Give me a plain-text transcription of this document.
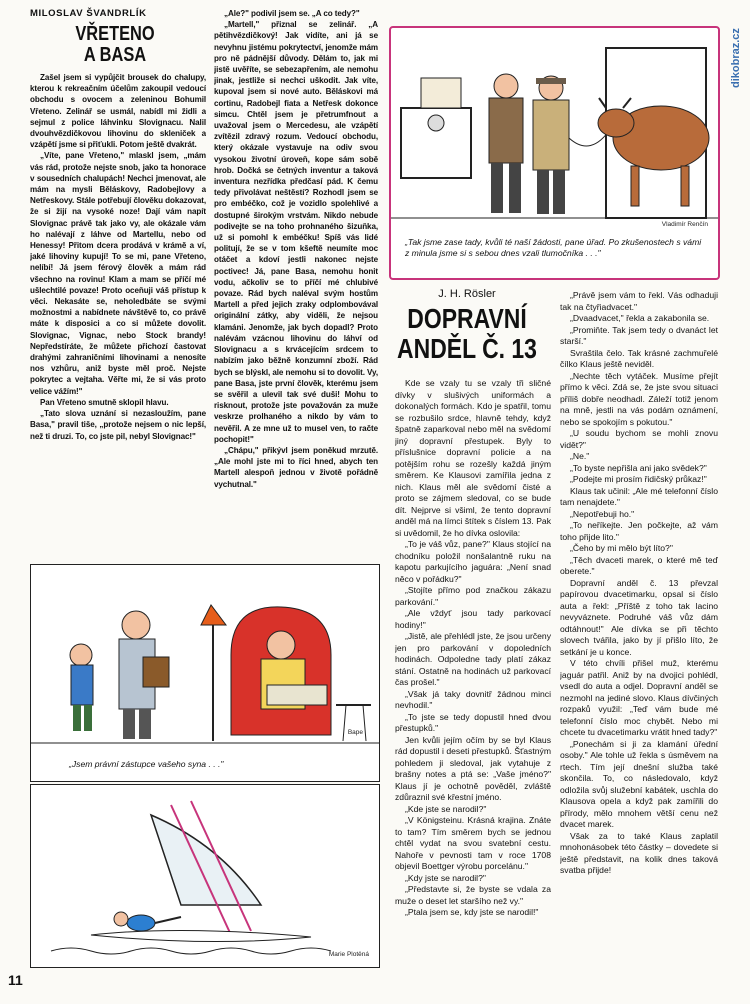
dikobraz.cz
MILOSLAV ŠVANDRLÍK
VŘETENO
A BASA

Zašel jsem si vypůjčit brousek do chalupy, kterou k rekreačním účelům zakoupil vedoucí obchodu s ovocem a zeleninou Bohumil Vřeteno. Zelinář se usmál, nabídl mi židli a sejmul z police láhvinku Slovignacu. Nalil dvouhvězdičkovou lihovinu do skleniček a vzápětí jsme si přiťukli. Potom ještě dvakrát.

„Víte, pane Vřeteno," mlaskl jsem, „mám vás rád, protože nejste snob, jako ta honorace v sousedních chalupách! Nechci jmenovat, ale mám na mysli Běláskovy, Radobejlovy a Netřeskovy. Stále potřebují člověku dokazovat, že si žijí na vysoké noze! Dají vám napít Slovignac právě tak jako vy, ale okázale vám ho nalévají z láhve od Martellu, nebo od Henessy! Přitom dcera prodává v krámě a ví, jaké lihoviny kupují! To se mi, pane Vřeteno, nelíbí! Já jsem férový člověk a mám rád všechno na rovinu! Klam a mam se příčí mé ušlechtilé povaze! Proto oceňuji váš přístup k věci. Nekasáte se, neholedbáte se svými možnostmi a nabídnete návštěvě to, co právě máte k disposici a co si můžete dovolit. Slovignac, Vignac, nebo Stock brandy! Nepředstíráte, že můžete přichozí častovat drahými zahraničními lihovinami a nenosíte nos vzhůru, aniž byste měl proč. Nejste pokrytec a vejtaha. Věřte mi, že si vás proto velice vážím!"

Pan Vřeteno smutně sklopil hlavu.

„Tato slova uznání si nezasloužím, pane Basa," pravil tiše, „protože nejsem o nic lepší, než ti druzi. To, co jste pil, nebyl Slovignac!"

„Ale?" podivil jsem se. „A co tedy?"

„Martell," přiznal se zelinář. „A pětihvězdičkový! Jak vidíte, ani já se nevyhnu jistému pokrytectví, jenomže mám pro ně pádnější důvody. Dělám to, jak mi jistě uvěříte, se sebezapřením, ale nemohu jinak, jestliže si nechci uškodit. Jak víte, kupoval jsem si nové auto. Běláskovi má cortinu, Radobejl fiata a Netřesk dokonce simcu. Chtěl jsem je přetrumfnout a uvažoval jsem o Mercedesu, ale vzápětí zvítězil zdravý rozum. Vedoucí obchodu, který okázale vystavuje na odiv svou vysokou životní úroveň, kope sám sobě hrob. Dočká se četných inventur a taková inventura nezřídka předčasí pád. K čemu tedy přivolávat neštěstí? Rozhodl jsem se pro embéčko, což je vozidlo spolehlivé a dostupné širokým vrstvám. Nikdo nebude podivejte se na toho prohnaného šizuňka, už si pomohl k embéčku! Spíš vás lidé politují, že se v tom kšeftě neumíte moc otáčet a kdoví jestli nakonec nejste poctivec! Já, pane Basa, nemohu honit vodu, ačkoliv se to příčí mé chlubivé povaze. Rád bych naléval svým hostům Martell a před jejich zraky odplombovával originální zátky, aby viděli, že nejsou klamáni. Jenomže, jak bych dopadl? Proto nalévám vzácnou lihovinu do láhví od Slovignacu a s krvácejícím srdcem to nabízím jako běžně konzumní zboží. Rád bych se blýskl, ale nemohu si to dovolit. Vy, pane Basa, jste první člověk, kterému jsem se svěřil a ulevil tak své duši! Mohu to risknout, protože jste považován za muže veskrze prolhaného a nikdo by vám to nevěřil. A ze mne už to musel ven, to račte pochopit!"

„Chápu," přikývl jsem poněkud mrzutě. „Ale mohl jste mi to říci hned, abych ten Martell alespoň jednou v životě pořádně vychutnal."

Vladimír Renčín
„Tak jsme zase tady, kvůli té naší žádosti, pane úřad. Po zkušenostech s vámi z minula jsme si s sebou dnes vzali tlumočníka . . ."
J. H. Rösler
DOPRAVNÍ
ANDĚL Č. 13

Kde se vzaly tu se vzaly tři sličné dívky v slušivých uniformách a dokonalých formách. Kdo je spatřil, tomu se rozbušilo srdce, hlavně tehdy, když špatně zaparkoval nebo měl na svědomí jiný dopravní přestupek. Byly to příslušnice dopravní policie a na potějším rohu se rozešly každá jiným směrem. Ke Klausovi zamířila jedna z nich. Klaus měl ale svědomí čisté a proto se zájmem sledoval, co se bude dít. Nejprve si všiml, že tento dopravní anděl má na límci štítek s číslem 13. Pak si uvědomil, že ho dívka oslovila:

„To je váš vůz, pane?" Klaus stojící na chodníku položil nonšalantně ruku na kapotu parkujícího jaguára: „Není snad něco v pořádku?"

„Stojíte přímo pod značkou zákazu parkování."

„Ale vždyť jsou tady parkovací hodiny!"

„Jistě, ale přehlédl jste, že jsou určeny jen pro parkování v dopoledních hodinách. Odpoledne tady platí zákaz stání. Ostatně na hodinách už parkovací čas prošel."

„Však já taky dovnitř žádnou minci nevhodil."

„To jste se tedy dopustil hned dvou přestupků."

Jen kvůli jejím očím by se byl Klaus rád dopustil i deseti přestupků. Šťastným pohledem ji sledoval, jak vytahuje z brašny notes a ptá se: „Vaše jméno?" Klaus jí je ochotně pověděl, zvláště zdůraznil své křestní jméno.

„Kde jste se narodil?"

„V Königsteinu. Krásná krajina. Znáte to tam? Tím směrem bych se jednou chtěl vydat na svou svatební cestu. Nahoře v pevnosti tam v roce 1708 objevil Boettger výrobu porcelánu."

„Kdy jste se narodil?"

„Představte si, že byste se vdala za muže o deset let staršího než vy."

„Ptala jsem se, kdy jste se narodil!"

„Právě jsem vám to řekl. Vás odhaduji tak na čtyřiadvacet."

„Dvaadvacet," řekla a zakabonila se.

„Promiňte. Tak jsem tedy o dvanáct let starší."

Svraštila čelo. Tak krásné zachmuřelé čílko Klaus ještě neviděl.

„Nechte těch vytáček. Musíme přejít přímo k věci. Zdá se, že jste svou situaci příliš dobře neodhadl. Záleží totiž jenom na mně, jestli na vás podám oznámení, nebo se spokojím s pokutou."

„U soudu bychom se mohli znovu vidět?"

„Ne."

„To byste nepřišla ani jako svědek?"

„Podejte mi prosím řidičský průkaz!"

Klaus tak učinil: „Ale mé telefonní číslo tam nenajdete."

„Nepotřebuji ho."

„To neříkejte. Jen počkejte, až vám toho přijde lito."

„Čeho by mi mělo být líto?"

„Těch dvaceti marek, o které mě teď oberete."

Dopravní anděl č. 13 převzal papírovou dvacetimarku, opsal si číslo auta a řekl: „Příště z toho tak lacino nevyváznete. Podruhé váš vůz dám odtáhnout!" Ale dívka se při těchto slovech tvářila, jako by jí přišlo líto, že setkání je u konce.

V této chvíli přišel muž, kterému jaguár patřil. Aniž by na dvojici pohlédl, vsedl do auta a odjel. Dopravní anděl se nezmohl na jediné slovo. Klaus dívčiných rozpaků využil: „Teď vám bude mé telefonní číslo moc chybět. Nebo mi chcete tu dvacetimarku vrátit hned tady?"

„Ponechám si ji za klamání úřední osoby." Ale tohle už řekla s úsměvem na rtech. Tím její dnešní služba také skončila. To, co následovalo, když odložila svůj služební kabátek, uschla do Klausova opela a když pak zamířili do přírody, mělo mnohem větší cenu než dvacet marek.

Však za to také Klaus zaplatil mnohonásobek této částky – dovedete si ještě představit, na kolik dnes taková svatba přijde!

Bape
„Jsem právní zástupce vašeho syna . . ."
Marie Plotěná
11
